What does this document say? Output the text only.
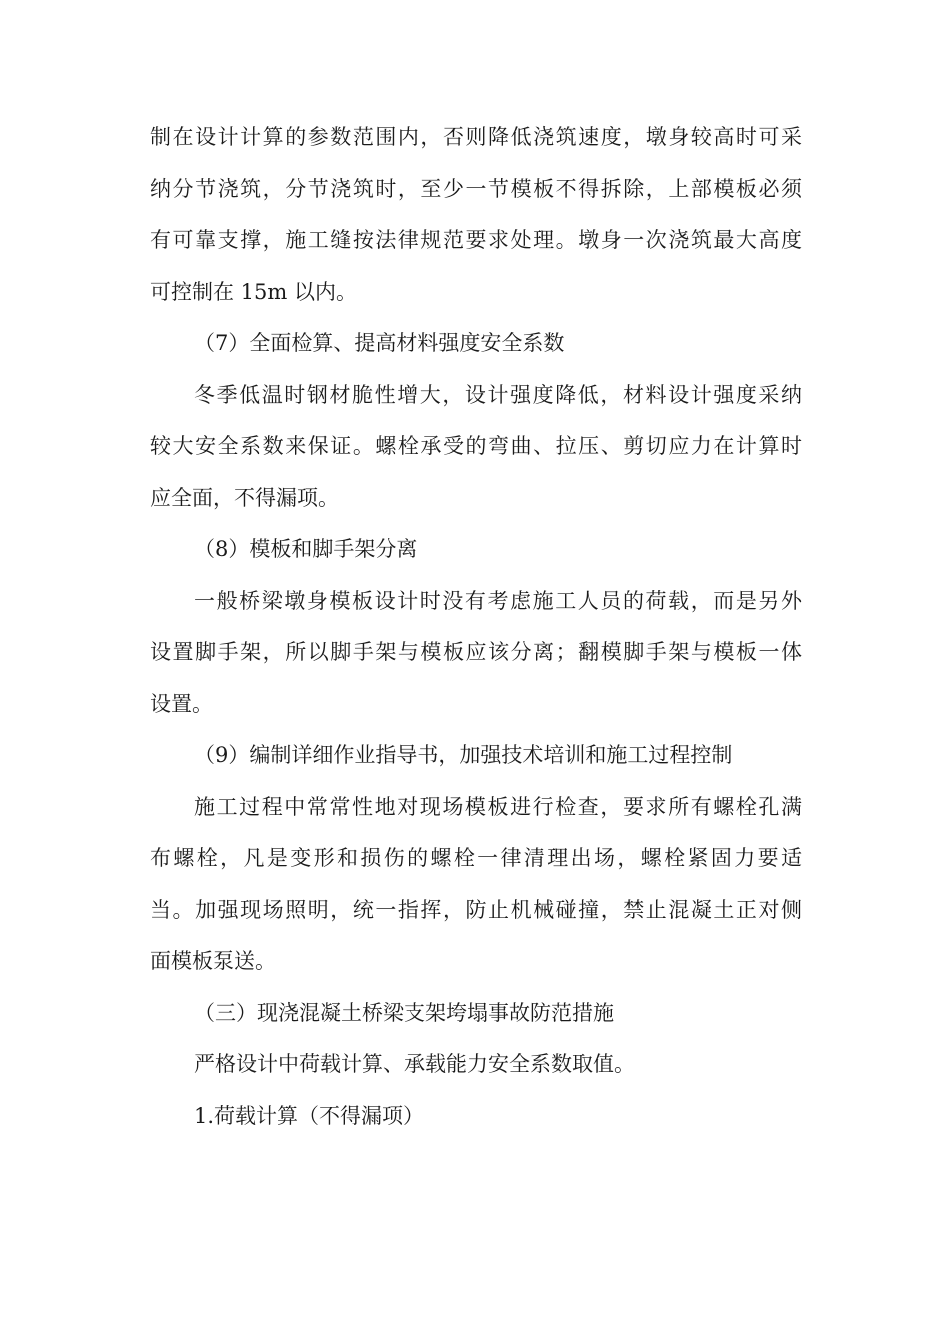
制在设计计算的参数范围内，否则降低浇筑速度，墩身较高时可采
纳分节浇筑，分节浇筑时，至少一节模板不得拆除，上部模板必须
有可靠支撑，施工缝按法律规范要求处理。墩身一次浇筑最大高度
可控制在 15m 以内。
（7）全面检算、提高材料强度安全系数
冬季低温时钢材脆性增大，设计强度降低，材料设计强度采纳
较大安全系数来保证。螺栓承受的弯曲、拉压、剪切应力在计算时
应全面，不得漏项。
（8）模板和脚手架分离
一般桥梁墩身模板设计时没有考虑施工人员的荷载，而是另外
设置脚手架，所以脚手架与模板应该分离；翻模脚手架与模板一体
设置。
（9）编制详细作业指导书，加强技术培训和施工过程控制
施工过程中常常性地对现场模板进行检查，要求所有螺栓孔满
布螺栓，凡是变形和损伤的螺栓一律清理出场，螺栓紧固力要适
当。加强现场照明，统一指挥，防止机械碰撞，禁止混凝土正对侧
面模板泵送。
（三）现浇混凝土桥梁支架垮塌事故防范措施
严格设计中荷载计算、承载能力安全系数取值。
1.荷载计算（不得漏项）
